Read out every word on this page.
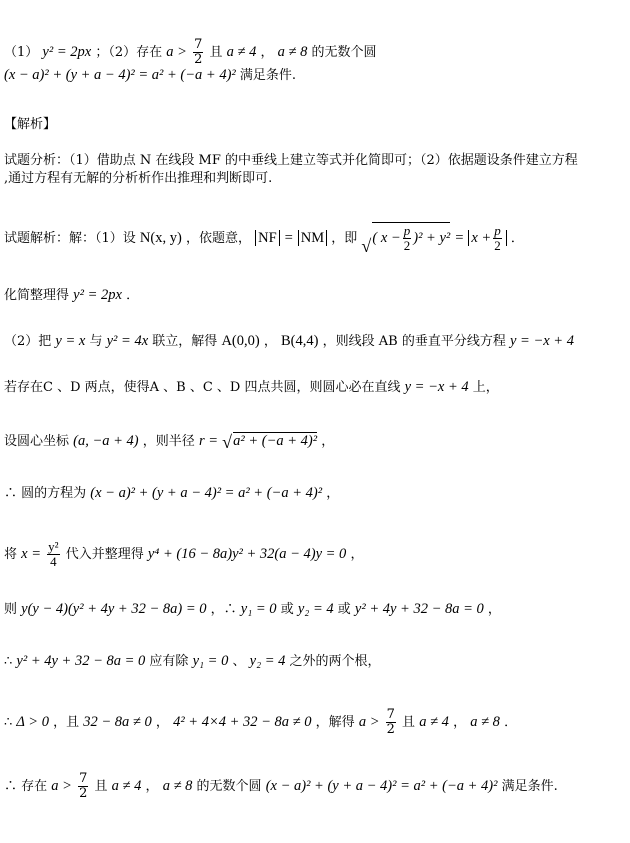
（1） y² = 2px ；（2）存在 $a > \frac{7}{2}$ 且 a ≠ 4 ， a ≠ 8 的无数个圆
(x − a)² + (y + a − 4)² = a² + (−a + 4)² 满足条件.
【解析】
试题分析：（1）借助点 N 在线段 MF 的中垂线上建立等式并化简即可；（2）依据题设条件建立方程
,通过方程有无解的分析析作出推理和判断即可.
试题解析：解：（1）设 N(x, y) ，依题意， NF = NM ，即 √ ( $x - \frac{p}{2} )^2 + y^2 = x + \frac{p}{2}$ ．
化简整理得 y² = 2px ．
（2）把 y = x 与 y² = 4x 联立，解得 A(0,0) ， B(4,4) ，则线段 AB 的垂直平分线方程 y = −x + 4
若存在C 、D 两点，使得A 、B 、C 、D 四点共圆，则圆心必在直线 y = −x + 4 上，
设圆心坐标 (a, −a + 4) ，则半径 r = √ a² + (−a + 4)² ，
∴ 圆的方程为 (x − a)² + (y + a − 4)² = a² + (−a + 4)² ，
将 $x = \frac{\text{y²}}{4}$ 代入并整理得 y⁴ + (16 − 8a)y² + 32(a − 4)y = 0 ，
则 y(y − 4)(y² + 4y + 32 − 8a) = 0 ，∴ y₁ = 0 或 y₂ = 4 或 y² + 4y + 32 − 8a = 0 ，
∴ y² + 4y + 32 − 8a = 0 应有除 y₁ = 0 、 y₂ = 4 之外的两个根，
∴ Δ > 0 ，且 32 − 8a ≠ 0 ， 4² + 4×4 + 32 − 8a ≠ 0 ，解得 $a > \frac{7}{2}$ 且 a ≠ 4 ， a ≠ 8 ．
∴ 存在 $a > \frac{7}{2}$ 且 a ≠ 4 ， a ≠ 8 的无数个圆 (x − a)² + (y + a − 4)² = a² + (−a + 4)² 满足条件.
